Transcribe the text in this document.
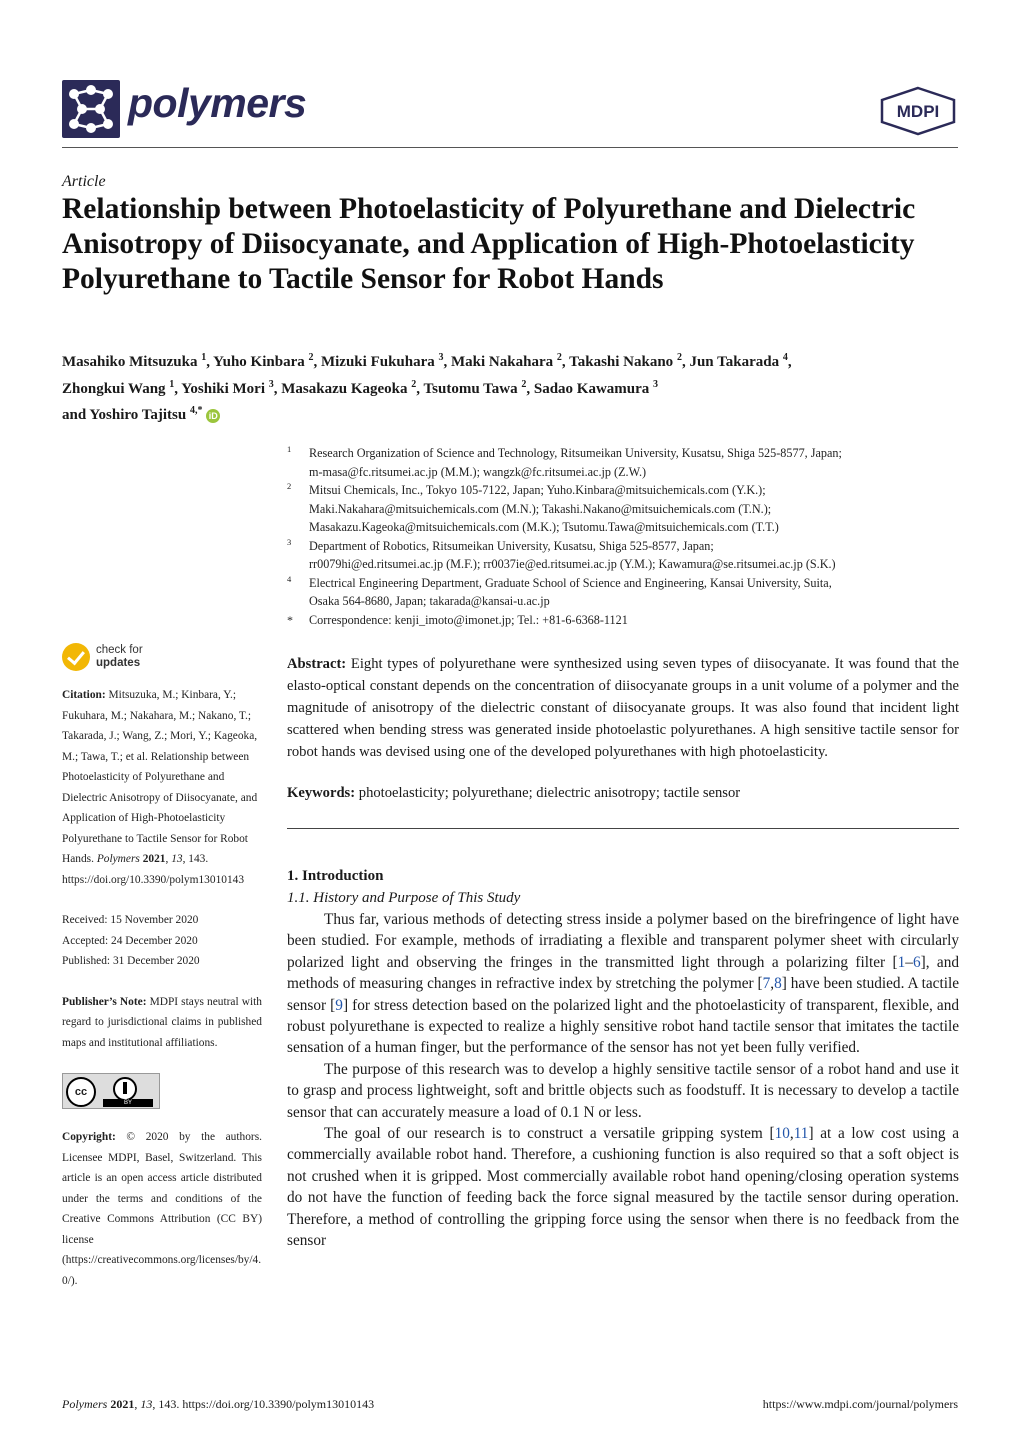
polymers	MDPI
Article
Relationship between Photoelasticity of Polyurethane and Dielectric Anisotropy of Diisocyanate, and Application of High-Photoelasticity Polyurethane to Tactile Sensor for Robot Hands
Masahiko Mitsuzuka $^1$, Yuho Kinbara $^2$, Mizuki Fukuhara $^3$, Maki Nakahara $^2$, Takashi Nakano $^2$, Jun Takarada $^4$,
Zhongkui Wang $^1$, Yoshiki Mori $^3$, Masakazu Kageoka $^2$, Tsutomu Tawa $^2$, Sadao Kawamura $^3$
and Yoshiro Tajitsu $^{4,*}$ iD
1 Research Organization of Science and Technology, Ritsumeikan University, Kusatsu, Shiga 525-8577, Japan;
m-masa@fc.ritsumei.ac.jp (M.M.); wangzk@fc.ritsumei.ac.jp (Z.W.)
2 Mitsui Chemicals, Inc., Tokyo 105-7122, Japan; Yuho.Kinbara@mitsuichemicals.com (Y.K.);
Maki.Nakahara@mitsuichemicals.com (M.N.); Takashi.Nakano@mitsuichemicals.com (T.N.);
Masakazu.Kageoka@mitsuichemicals.com (M.K.); Tsutomu.Tawa@mitsuichemicals.com (T.T.)
3 Department of Robotics, Ritsumeikan University, Kusatsu, Shiga 525-8577, Japan;
rr0079hi@ed.ritsumei.ac.jp (M.F.); rr0037ie@ed.ritsumei.ac.jp (Y.M.); Kawamura@se.ritsumei.ac.jp (S.K.)
4 Electrical Engineering Department, Graduate School of Science and Engineering, Kansai University, Suita,
Osaka 564-8680, Japan; takarada@kansai-u.ac.jp
* Correspondence: kenji_imoto@imonet.jp; Tel.: +81-6-6368-1121
check for
updates

Citation: Mitsuzuka, M.; Kinbara, Y.; Fukuhara, M.; Nakahara, M.; Nakano, T.; Takarada, J.; Wang, Z.; Mori, Y.; Kageoka, M.; Tawa, T.; et al. Relationship between Photoelasticity of Polyurethane and Dielectric Anisotropy of Diisocyanate, and Application of High-Photoelasticity Polyurethane to Tactile Sensor for Robot Hands. Polymers 2021, 13, 143. https://doi.org/10.3390/polym13010143

Received: 15 November 2020
Accepted: 24 December 2020
Published: 31 December 2020

Publisher’s Note: MDPI stays neutral with regard to jurisdictional claims in published maps and institutional affiliations.

cc
BY

Copyright: © 2020 by the authors. Licensee MDPI, Basel, Switzerland. This article is an open access article distributed under the terms and conditions of the Creative Commons Attribution (CC BY) license (https://creativecommons.org/licenses/by/4.0/).

Abstract: Eight types of polyurethane were synthesized using seven types of diisocyanate. It was found that the elasto-optical constant depends on the concentration of diisocyanate groups in a unit volume of a polymer and the magnitude of anisotropy of the dielectric constant of diisocyanate groups. It was also found that incident light scattered when bending stress was generated inside photoelastic polyurethanes. A high sensitive tactile sensor for robot hands was devised using one of the developed polyurethanes with high photoelasticity.

Keywords: photoelasticity; polyurethane; dielectric anisotropy; tactile sensor

1. Introduction
1.1. History and Purpose of This Study

Thus far, various methods of detecting stress inside a polymer based on the birefringence of light have been studied. For example, methods of irradiating a flexible and transparent polymer sheet with circularly polarized light and observing the fringes in the transmitted light through a polarizing filter [1–6], and methods of measuring changes in refractive index by stretching the polymer [7,8] have been studied. A tactile sensor [9] for stress detection based on the polarized light and the photoelasticity of transparent, flexible, and robust polyurethane is expected to realize a highly sensitive robot hand tactile sensor that imitates the tactile sensation of a human finger, but the performance of the sensor has not yet been fully verified.

The purpose of this research was to develop a highly sensitive tactile sensor of a robot hand and use it to grasp and process lightweight, soft and brittle objects such as foodstuff. It is necessary to develop a tactile sensor that can accurately measure a load of 0.1 N or less.

The goal of our research is to construct a versatile gripping system [10,11] at a low cost using a commercially available robot hand. Therefore, a cushioning function is also required so that a soft object is not crushed when it is gripped. Most commercially available robot hand opening/closing operation systems do not have the function of feeding back the force signal measured by the tactile sensor during operation. Therefore, a method of controlling the gripping force using the sensor when there is no feedback from the sensor

Polymers 2021, 13, 143. https://doi.org/10.3390/polym13010143	https://www.mdpi.com/journal/polymers
